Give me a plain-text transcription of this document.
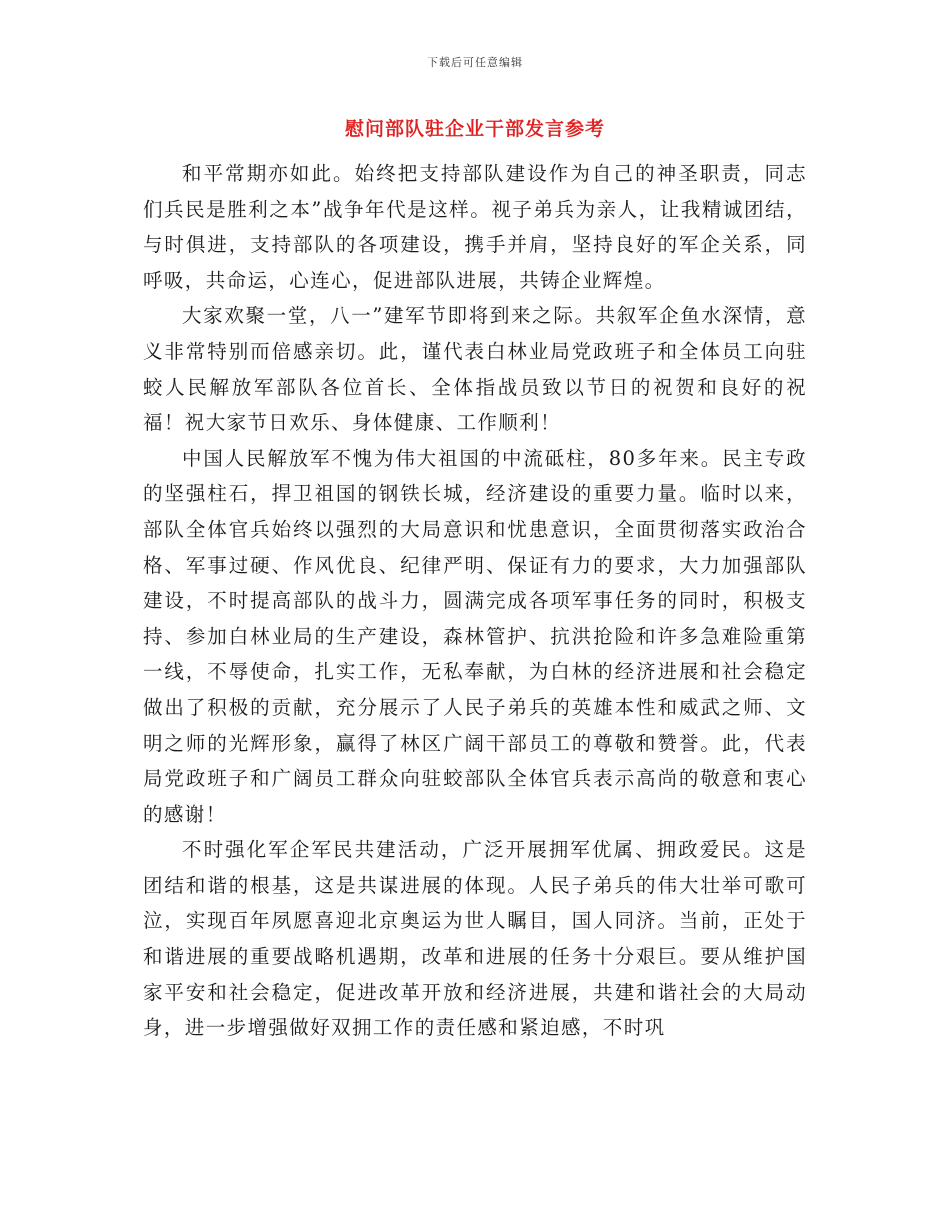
下载后可任意编辑
慰问部队驻企业干部发言参考

和平常期亦如此。始终把支持部队建设作为自己的神圣职责，同志们兵民是胜利之本”战争年代是这样。视子弟兵为亲人，让我精诚团结，与时俱进，支持部队的各项建设，携手并肩，坚持良好的军企关系，同呼吸，共命运，心连心，促进部队进展，共铸企业辉煌。

大家欢聚一堂，八一”建军节即将到来之际。共叙军企鱼水深情，意义非常特别而倍感亲切。此，谨代表白林业局党政班子和全体员工向驻蛟人民解放军部队各位首长、全体指战员致以节日的祝贺和良好的祝福！祝大家节日欢乐、身体健康、工作顺利！

中国人民解放军不愧为伟大祖国的中流砥柱，80多年来。民主专政的坚强柱石，捍卫祖国的钢铁长城，经济建设的重要力量。临时以来，部队全体官兵始终以强烈的大局意识和忧患意识，全面贯彻落实政治合格、军事过硬、作风优良、纪律严明、保证有力的要求，大力加强部队建设，不时提高部队的战斗力，圆满完成各项军事任务的同时，积极支持、参加白林业局的生产建设，森林管护、抗洪抢险和许多急难险重第一线，不辱使命，扎实工作，无私奉献，为白林的经济进展和社会稳定做出了积极的贡献，充分展示了人民子弟兵的英雄本性和威武之师、文明之师的光辉形象，赢得了林区广阔干部员工的尊敬和赞誉。此，代表局党政班子和广阔员工群众向驻蛟部队全体官兵表示高尚的敬意和衷心的感谢！

不时强化军企军民共建活动，广泛开展拥军优属、拥政爱民。这是团结和谐的根基，这是共谋进展的体现。人民子弟兵的伟大壮举可歌可泣，实现百年夙愿喜迎北京奥运为世人瞩目，国人同济。当前，正处于和谐进展的重要战略机遇期，改革和进展的任务十分艰巨。要从维护国家平安和社会稳定，促进改革开放和经济进展，共建和谐社会的大局动身，进一步增强做好双拥工作的责任感和紧迫感，不时巩
